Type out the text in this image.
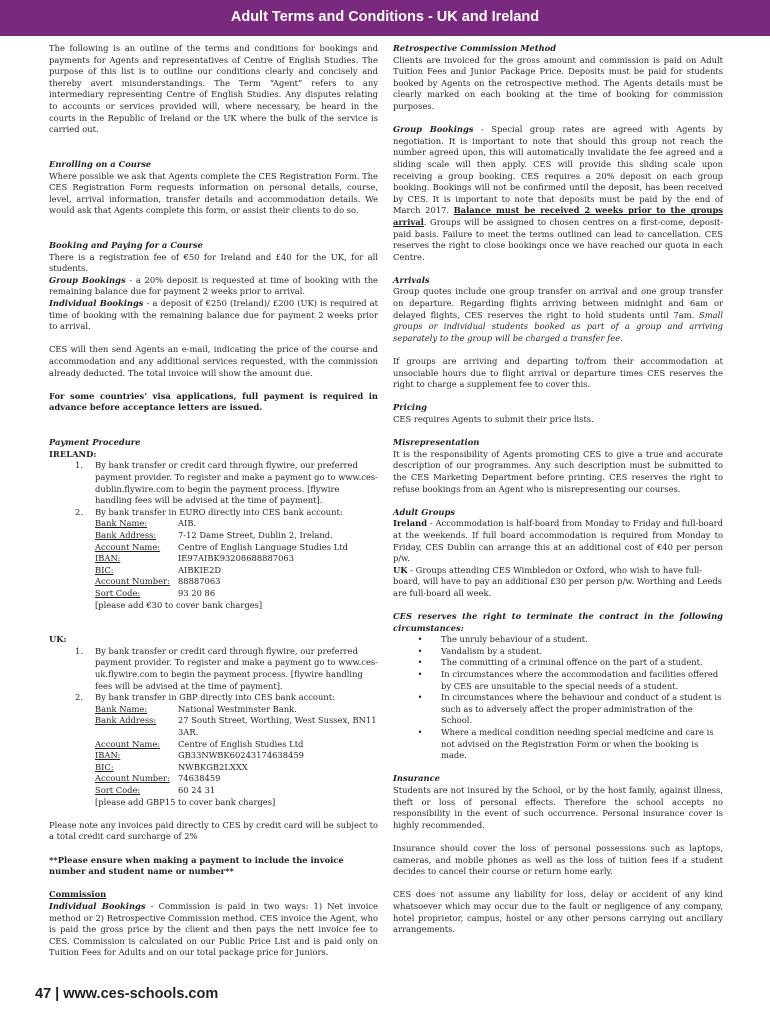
Adult Terms and Conditions - UK and Ireland

The following is an outline of the terms and conditions for bookings and payments for Agents and representatives of Centre of English Studies. The purpose of this list is to outline our conditions clearly and concisely and thereby avert misunderstandings. The Term “Agent” refers to any intermediary representing Centre of English Studies. Any disputes relating to accounts or services provided will, where necessary, be heard in the courts in the Republic of Ireland or the UK where the bulk of the service is carried out.

Enrolling on a Course

Where possible we ask that Agents complete the CES Registration Form. The CES Registration Form requests information on personal details, course, level, arrival information, transfer details and accommodation details. We would ask that Agents complete this form, or assist their clients to do so.

Booking and Paying for a Course

There is a registration fee of €50 for Ireland and £40 for the UK, for all students.

Group Bookings - a 20% deposit is requested at time of booking with the remaining balance due for payment 2 weeks prior to arrival.

Individual Bookings - a deposit of €250 (Ireland)/ £200 (UK) is required at time of booking with the remaining balance due for payment 2 weeks prior to arrival.

CES will then send Agents an e-mail, indicating the price of the course and accommodation and any additional services requested, with the commission already deducted. The total invoice will show the amount due.

For some countries’ visa applications, full payment is required in advance before acceptance letters are issued.

Payment Procedure

IRELAND:

1.	By bank transfer or credit card through flywire, our preferred payment provider. To register and make a payment go to www.ces-dublin.flywire.com to begin the payment process. [flywire handling fees will be advised at the time of payment].
2.	By bank transfer in EURO directly into CES bank account:
Bank Name:	AIB.
Bank Address:	7-12 Dame Street, Dublin 2, Ireland.
Account Name:	Centre of English Language Studies Ltd
IBAN:	IE97AIBK93208688887063
BIC:	AIBKIE2D
Account Number: 88887063
Sort Code:	93 20 86

[please add €30 to cover bank charges]

UK:

1.	By bank transfer or credit card through flywire, our preferred payment provider. To register and make a payment go to www.ces-uk.flywire.com to begin the payment process. [flywire handling fees will be advised at the time of payment].
2.	By bank transfer in GBP directly into CES bank account:
Bank Name:	National Westminster Bank.
Bank Address:	27 South Street, Worthing, West Sussex, BN11 3AR.
Account Name:	Centre of English Studies Ltd
IBAN:	GB33NWBK60243174638459
BIC:	NWBKGB2LXXX
Account Number: 74638459
Sort Code:	60 24 31

[please add GBP15 to cover bank charges]

Please note any invoices paid directly to CES by credit card will be subject to a total credit card surcharge of 2%

**Please ensure when making a payment to include the invoice number and student name or number**

Commission

Individual Bookings - Commission is paid in two ways: 1) Net invoice method or 2) Retrospective Commission method. CES invoice the Agent, who is paid the gross price by the client and then pays the nett invoice fee to CES. Commission is calculated on our Public Price List and is paid only on Tuition Fees for Adults and on our total package price for Juniors.

Retrospective Commission Method

Clients are invoiced for the gross amount and commission is paid on Adult Tuition Fees and Junior Package Price. Deposits must be paid for students booked by Agents on the retrospective method. The Agents details must be clearly marked on each booking at the time of booking for commission purposes.

Group Bookings - Special group rates are agreed with Agents by negotiation. It is important to note that should this group not reach the number agreed upon, this will automatically invalidate the fee agreed and a sliding scale will then apply. CES will provide this sliding scale upon receiving a group booking. CES requires a 20% deposit on each group booking. Bookings will not be confirmed until the deposit, has been received by CES. It is important to note that deposits must be paid by the end of March 2017. Balance must be received 2 weeks prior to the groups arrival. Groups will be assigned to chosen centres on a first-come, deposit-paid basis. Failure to meet the terms outlined can lead to cancellation. CES reserves the right to close bookings once we have reached our quota in each Centre.

Arrivals

Group quotes include one group transfer on arrival and one group transfer on departure. Regarding flights arriving between midnight and 6am or delayed flights, CES reserves the right to hold students until 7am. Small groups or individual students booked as part of a group and arriving separately to the group will be charged a transfer fee.

If groups are arriving and departing to/from their accommodation at unsociable hours due to flight arrival or departure times CES reserves the right to charge a supplement fee to cover this.

Pricing

CES requires Agents to submit their price lists.

Misrepresentation

It is the responsibility of Agents promoting CES to give a true and accurate description of our programmes. Any such description must be submitted to the CES Marketing Department before printing. CES reserves the right to refuse bookings from an Agent who is misrepresenting our courses.

Adult Groups

Ireland - Accommodation is half-board from Monday to Friday and full-board at the weekends. If full board accommodation is required from Monday to Friday, CES Dublin can arrange this at an additional cost of €40 per person p/w.

UK - Groups attending CES Wimbledon or Oxford, who wish to have full-board, will have to pay an additional £30 per person p/w. Worthing and Leeds are full-board all week.

CES reserves the right to terminate the contract in the following circumstances:

•	The unruly behaviour of a student.
•	Vandalism by a student.
•	The committing of a criminal offence on the part of a student.
•	In circumstances where the accommodation and facilities offered by CES are unsuitable to the special needs of a student.
•	In circumstances where the behaviour and conduct of a student is such as to adversely affect the proper administration of the School.
•	Where a medical condition needing special medicine and care is not advised on the Registration Form or when the booking is made.

Insurance

Students are not insured by the School, or by the host family, against illness, theft or loss of personal effects. Therefore the school accepts no responsibility in the event of such occurrence. Personal insurance cover is highly recommended.

Insurance should cover the loss of personal possessions such as laptops, cameras, and mobile phones as well as the loss of tuition fees if a student decides to cancel their course or return home early.

CES does not assume any liability for loss, delay or accident of any kind whatsoever which may occur due to the fault or negligence of any company, hotel proprietor, campus, hostel or any other persons carrying out ancillary arrangements.

47 | www.ces-schools.com
